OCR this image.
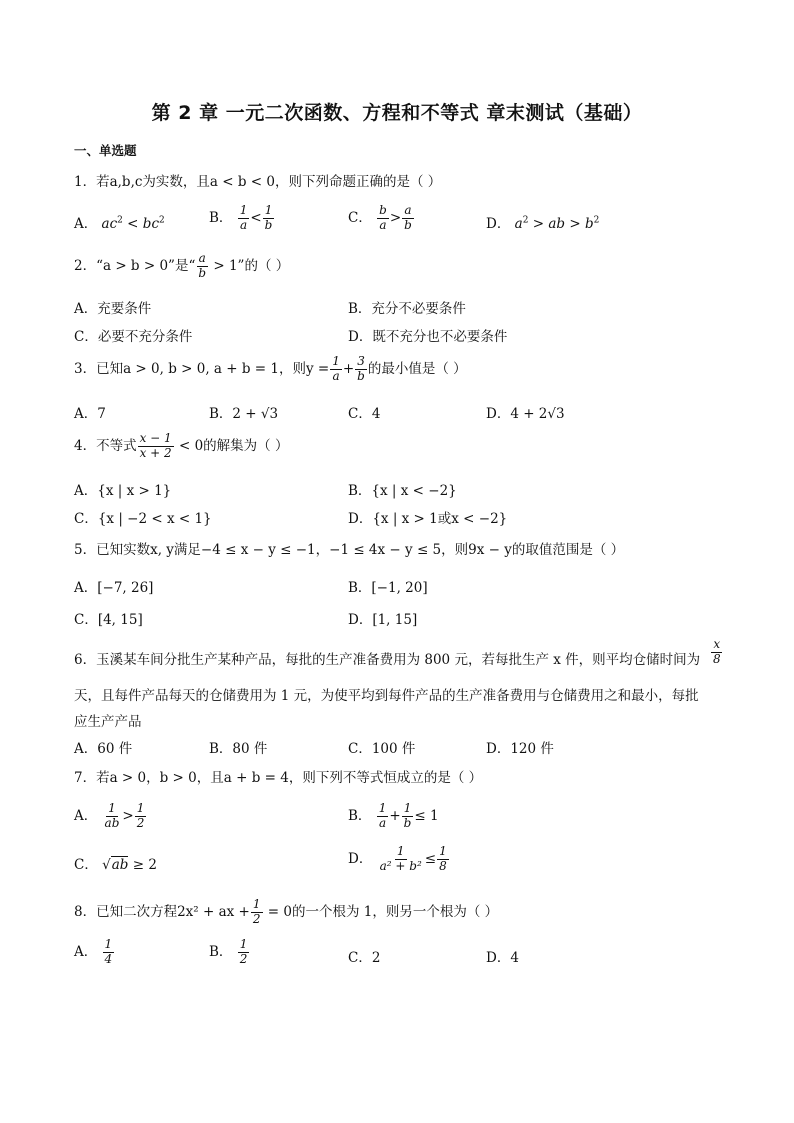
第 2 章 一元二次函数、方程和不等式 章末测试（基础）
一、单选题
1．若a,b,c为实数，且a < b < 0，则下列命题正确的是（ ）
A． $ac^2 < bc^2$	B． $\frac{1}{a} < \frac{1}{b}$	C． $\frac{b}{a} > \frac{a}{b}$	D． $a^2$ > ab > $b^2$
2．“a > b > 0”是“ $\frac{a}{b} > 1$”的（ ）
A．充要条件	B．充分不必要条件
C．必要不充分条件	D．既不充分也不必要条件
3．已知a > 0, b > 0, a + b = 1，则$y = \frac{1}{a} + \frac{3}{b}$ 的最小值是（ ）
A．7	B．2 + √3	C．4	D．4 + 2√3
4．不等式 $\frac{x - 1}{x + 2} < 0$的解集为（ ）
A．{x | x > 1}	B．{x | x < −2}
C．{x | −2 < x < 1}	D．{x | x > 1或x < −2}
5．已知实数x, y满足−4 ≤ x − y ≤ −1，−1 ≤ 4x − y ≤ 5，则9x − y的取值范围是（ ）
A．[−7, 26]	B．[−1, 20]
C．[4, 15]	D．[1, 15]
6．玉溪某车间分批生产某种产品，每批的生产准备费用为 800 元，若每批生产 x 件，则平均仓储时间为 $\frac{x}{8}$
天，且每件产品每天的仓储费用为 1 元，为使平均到每件产品的生产准备费用与仓储费用之和最小，每批
应生产产品
A．60 件	B．80 件	C．100 件	D．120 件
7．若a > 0，b > 0，且a + b = 4，则下列不等式恒成立的是（ ）
A． $\frac{1}{ab} > \frac{1}{2}$	B． $\frac{1}{a} + \frac{1}{b} \le 1$
C． √ab ≥ 2	D． $\frac{1}{\text{a² + b²}} \le \frac{1}{8}$
8．已知二次方程2x² + ax + $\frac{1}{2} = 0$的一个根为 1，则另一个根为（ ）
A． $\frac{1}{4}$	B． $\frac{1}{2}$	C．2	D．4
